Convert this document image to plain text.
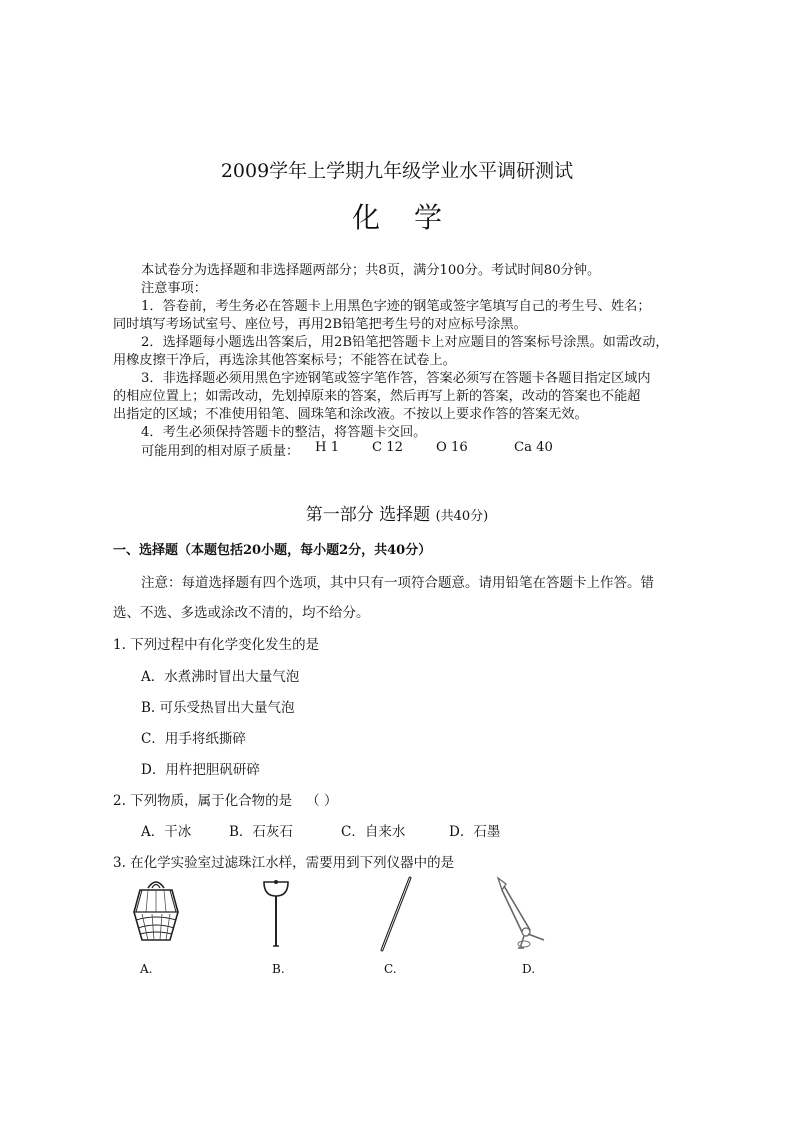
2009学年上学期九年级学业水平调研测试
化学
本试卷分为选择题和非选择题两部分；共8页，满分100分。考试时间80分钟。
注意事项：
1．答卷前，考生务必在答题卡上用黑色字迹的钢笔或签字笔填写自己的考生号、姓名；
同时填写考场试室号、座位号，再用2B铅笔把考生号的对应标号涂黑。
2．选择题每小题选出答案后，用2B铅笔把答题卡上对应题目的答案标号涂黑。如需改动，
用橡皮擦干净后，再选涂其他答案标号；不能答在试卷上。
3．非选择题必须用黑色字迹钢笔或签字笔作答，答案必须写在答题卡各题目指定区域内
的相应位置上；如需改动，先划掉原来的答案，然后再写上新的答案，改动的答案也不能超
出指定的区域；不准使用铅笔、圆珠笔和涂改液。不按以上要求作答的答案无效。
4．考生必须保持答题卡的整洁，将答题卡交回。
可能用到的相对原子质量： H 1 C 12 O 16	Ca 40
第一部分 选择题 (共40分)
一、选择题（本题包括20小题，每小题2分，共40分）
注意：每道选择题有四个选项，其中只有一项符合题意。请用铅笔在答题卡上作答。错
选、不选、多选或涂改不清的，均不给分。
1. 下列过程中有化学变化发生的是
A．水煮沸时冒出大量气泡
B. 可乐受热冒出大量气泡
C．用手将纸撕碎
D．用杵把胆矾研碎
2. 下列物质，属于化合物的是 （ ）
A．干冰	B．石灰石	C．自来水	D．石墨
3. 在化学实验室过滤珠江水样，需要用到下列仪器中的是
A.	B.	C.	D.
